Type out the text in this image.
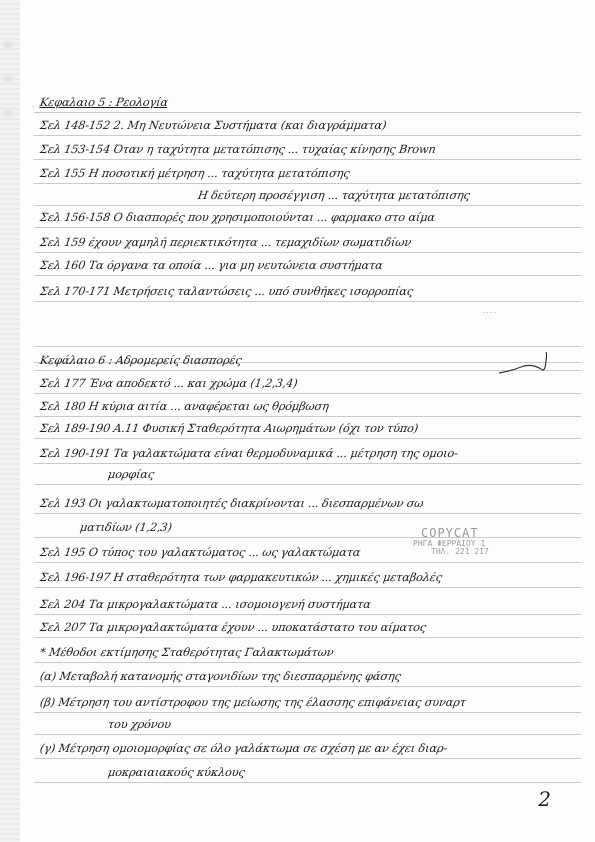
Κεφαλαιο 5 : Ρεολογία
Σελ 148-152 2. Μη Νευτώνεια Συστήματα (και διαγράμματα)
Σελ 153-154 Όταν η ταχύτητα μετατόπισης ... τυχαίας κίνησης Brown
Σελ 155 Η ποσοτική μέτρηση ... ταχύτητα μετατόπισης
Η δεύτερη προσέγγιση ... ταχύτητα μετατόπισης
Σελ 156-158 Ο διασπορές που χρησιμοποιούνται ... φαρμακο στο αίμα
Σελ 159 έχουν χαμηλή περιεκτικότητα ... τεμαχιδίων σωματιδίων
Σελ 160 Τα όργανα τα οποία ... για μη νευτώνεια συστήματα
Σελ 170-171 Μετρήσεις ταλαντώσεις ... υπό συνθήκες ισορροπίας
Κεφάλαιο 6 : Αδρομερείς διασπορές
Σελ 177 Ένα αποδεκτό ... και χρώμα (1,2,3,4)
Σελ 180 Η κύρια αιτία ... αναφέρεται ως θρόμβωση
Σελ 189-190 Α.11 Φυσική Σταθερότητα Αιωρημάτων (όχι τον τύπο)
Σελ 190-191 Τα γαλακτώματα είναι θερμοδυναμικά ... μέτρηση της ομοιο-
μορφίας
Σελ 193 Οι γαλακτωματοποιητές διακρίνονται ... διεσπαρμένων σω
ματιδίων (1,2,3)
Σελ 195 Ο τύπος του γαλακτώματος ... ως γαλακτώματα
Σελ 196-197 Η σταθερότητα των φαρμακευτικών ... χημικές μεταβολές
Σελ 204 Τα μικρογαλακτώματα ... ισομοιογενή συστήματα
Σελ 207 Τα μικρογαλακτώματα έχουν ... υποκατάστατο του αίματος
* Μέθοδοι εκτίμησης Σταθερότητας Γαλακτωμάτων
(α) Μεταβολή κατανομής σταγονιδίων της διεσπαρμένης φάσης
(β) Μέτρηση του αντίστροφου της μείωσης της έλασσης επιφάνειας συναρτ
του χρόνου
(γ) Μέτρηση ομοιομορφίας σε όλο γαλάκτωμα σε σχέση με αν έχει διαρ-
μοκραιαιακούς κύκλους
----
COPYCAT
ΡΗΓΑ ΦΕΡΡΑΙΟΥ 1
ΤΗΛ. 221 217
2
